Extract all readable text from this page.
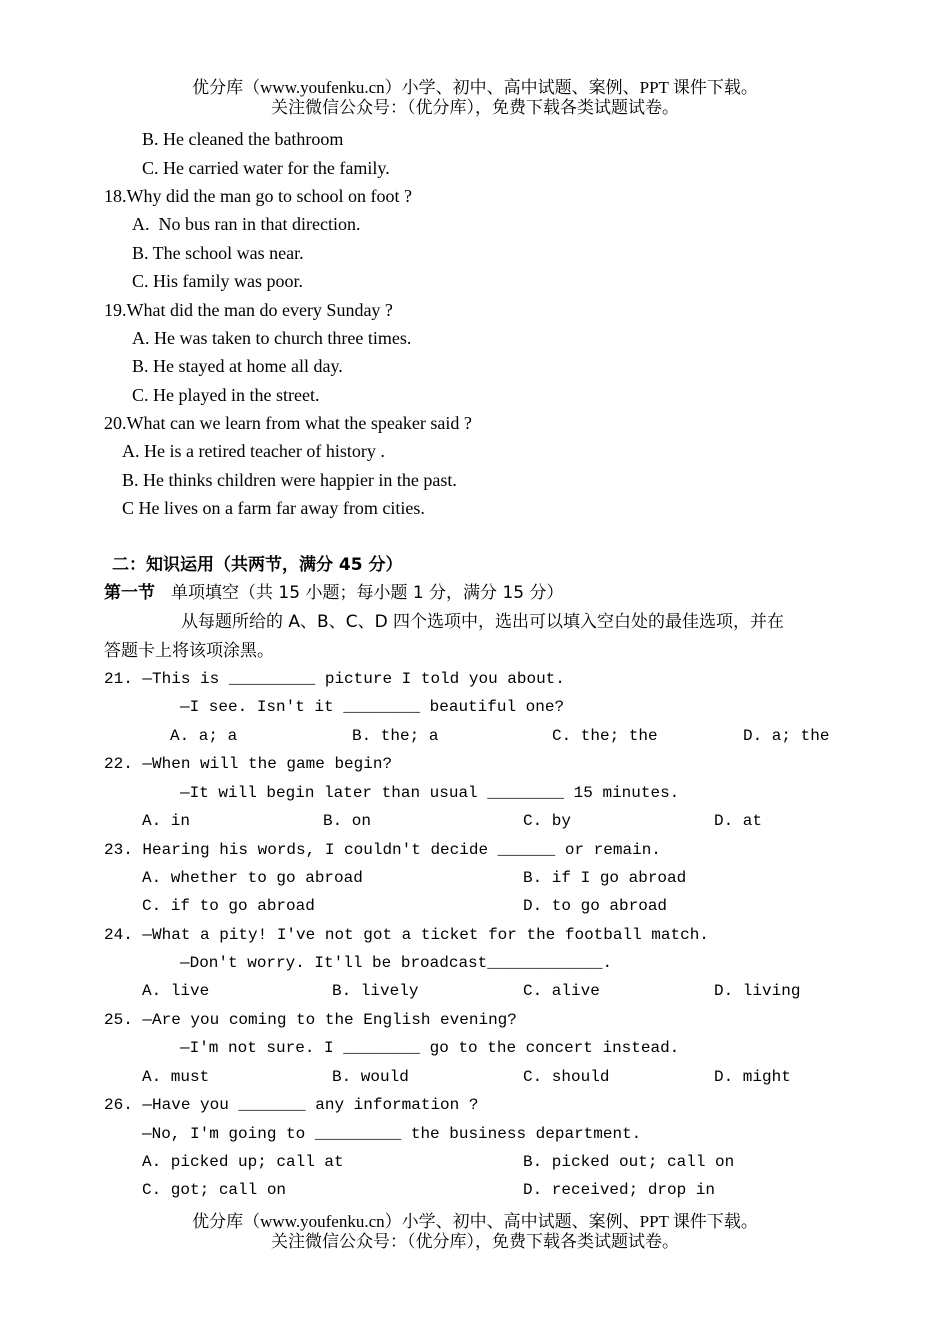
优分库（www.youfenku.cn）小学、初中、高中试题、案例、PPT 课件下载。
关注微信公众号：（优分库），免费下载各类试题试卷。
B. He cleaned the bathroom
C. He carried water for the family.
18.Why did the man go to school on foot ?
A.  No bus ran in that direction.
B. The school was near.
C. His family was poor.
19.What did the man do every Sunday ?
A. He was taken to church three times.
B. He stayed at home all day.
C. He played in the street.
20.What can we learn from what the speaker said ?
A. He is a retired teacher of history .
B. He thinks children were happier in the past.
C He lives on a farm far away from cities.
二：知识运用（共两节，满分 45 分）
第一节 单项填空（共 15 小题；每小题 1 分，满分 15 分）
从每题所给的 A、B、C、D 四个选项中，选出可以填入空白处的最佳选项，并在
答题卡上将该项涂黑。
21. —This is _________ picture I told you about.
—I see. Isn't it ________ beautiful one?
A. a; a	B. the; a	C. the; the	D. a; the
22. —When will the game begin?
—It will begin later than usual ________ 15 minutes.
A. in	B. on	C. by	D. at
23. Hearing his words, I couldn't decide ______ or remain.
A. whether to go abroad	B. if I go abroad
C. if to go abroad	D. to go abroad
24. —What a pity! I've not got a ticket for the football match.
—Don't worry. It'll be broadcast____________.
A. live	B. lively	C. alive	D. living
25. —Are you coming to the English evening?
—I'm not sure. I ________ go to the concert instead.
A. must	B. would	C. should	D. might
26. —Have you _______ any information ?
—No, I'm going to _________ the business department.
A. picked up; call at	B. picked out; call on
C. got; call on	D. received; drop in
优分库（www.youfenku.cn）小学、初中、高中试题、案例、PPT 课件下载。
关注微信公众号：（优分库），免费下载各类试题试卷。
